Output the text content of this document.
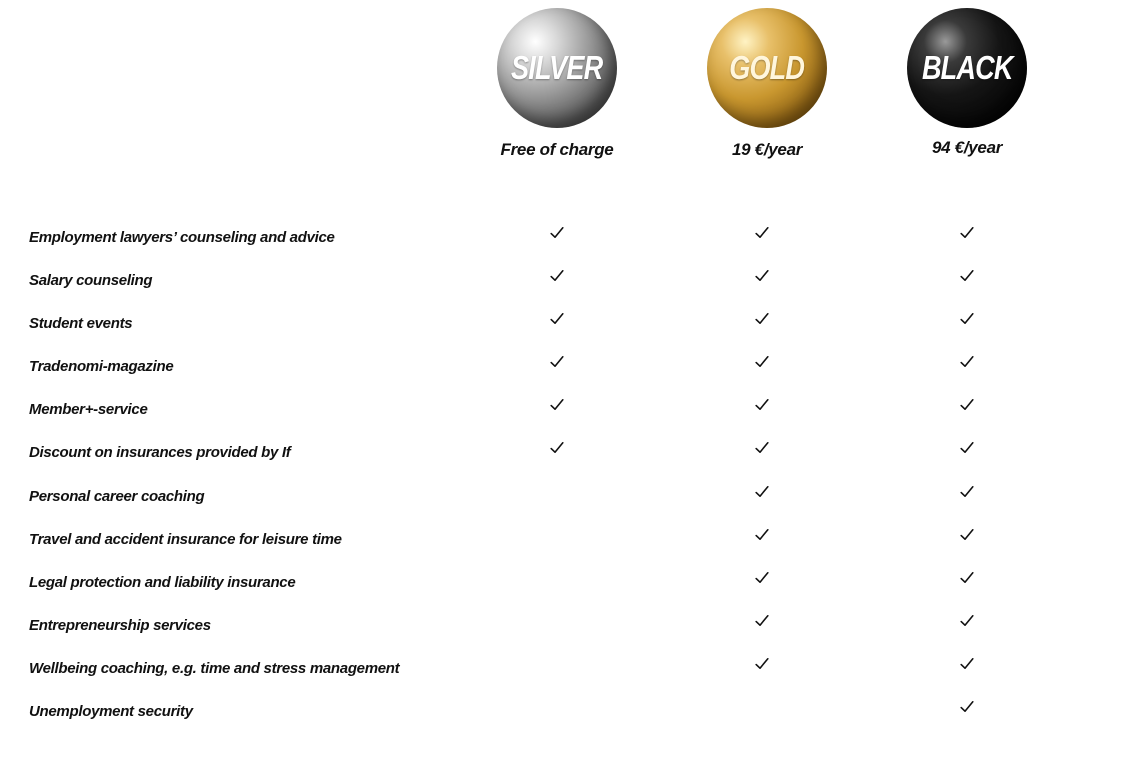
SILVER
Free of charge
GOLD
19 €/year
BLACK
94 €/year
Employment lawyers’ counseling and advice
Salary counseling
Student events
Tradenomi-magazine
Member+-service
Discount on insurances provided by If
Personal career coaching
Travel and accident insurance for leisure time
Legal protection and liability insurance
Entrepreneurship services
Wellbeing coaching, e.g. time and stress management
Unemployment security
